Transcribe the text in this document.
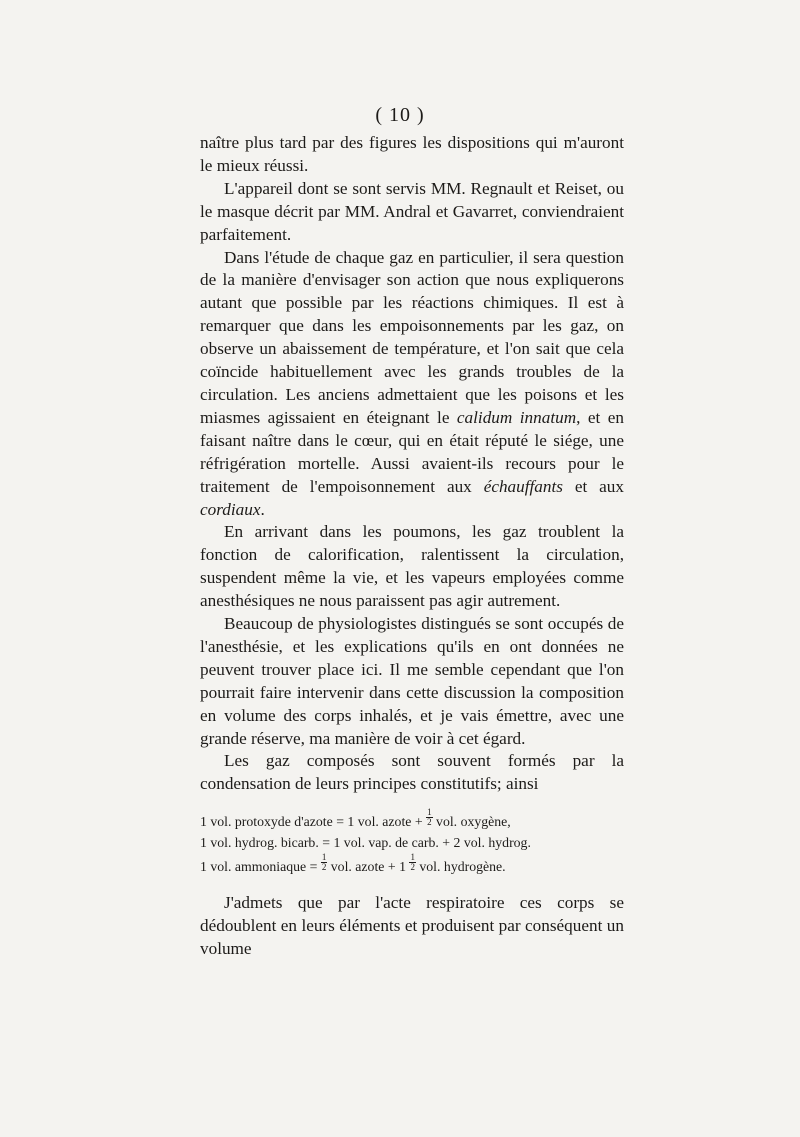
( 10 )

naître plus tard par des figures les dispositions qui m'auront le mieux réussi.

L'appareil dont se sont servis MM. Regnault et Reiset, ou le masque décrit par MM. Andral et Gavarret, conviendraient parfaitement.

Dans l'étude de chaque gaz en particulier, il sera question de la manière d'envisager son action que nous expliquerons autant que possible par les réactions chimiques. Il est à remarquer que dans les empoisonnements par les gaz, on observe un abaissement de température, et l'on sait que cela coïncide habituellement avec les grands troubles de la circulation. Les anciens admettaient que les poisons et les miasmes agissaient en éteignant le calidum innatum, et en faisant naître dans le cœur, qui en était réputé le siége, une réfrigération mortelle. Aussi avaient-ils recours pour le traitement de l'empoisonnement aux échauffants et aux cordiaux.

En arrivant dans les poumons, les gaz troublent la fonction de calorification, ralentissent la circulation, suspendent même la vie, et les vapeurs employées comme anesthésiques ne nous paraissent pas agir autrement.

Beaucoup de physiologistes distingués se sont occupés de l'anesthésie, et les explications qu'ils en ont données ne peuvent trouver place ici. Il me semble cependant que l'on pourrait faire intervenir dans cette discussion la composition en volume des corps inhalés, et je vais émettre, avec une grande réserve, ma manière de voir à cet égard.

Les gaz composés sont souvent formés par la condensation de leurs principes constitutifs; ainsi

1 vol. protoxyde d'azote = 1 vol. azote + $\frac{1}{2}$ vol. oxygène,
1 vol. hydrog. bicarb. = 1 vol. vap. de carb. + 2 vol. hydrog.
1 vol. ammoniaque = $\frac{1}{2}$ vol. azote + $1 \frac{1}{2}$ vol. hydrogène.

J'admets que par l'acte respiratoire ces corps se dédoublent en leurs éléments et produisent par conséquent un volume
